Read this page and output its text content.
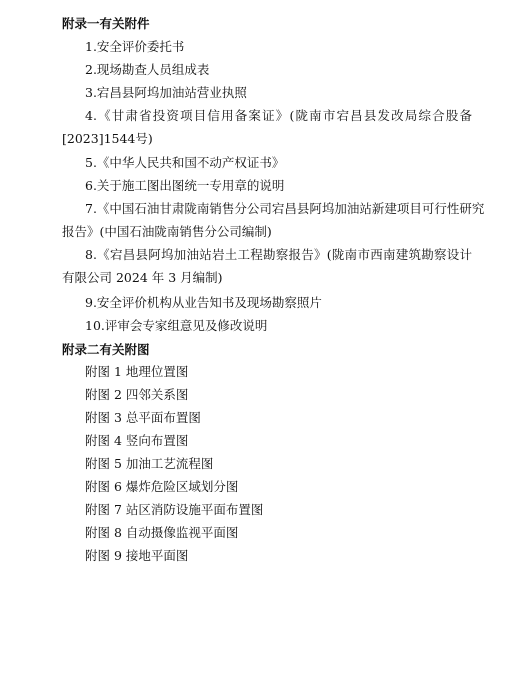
附录一有关附件
1.安全评价委托书
2.现场勘查人员组成表
3.宕昌县阿坞加油站营业执照
4.《甘肃省投资项目信用备案证》(陇南市宕昌县发改局综合股备
[2023]1544号)
5.《中华人民共和国不动产权证书》
6.关于施工图出图统一专用章的说明
7.《中国石油甘肃陇南销售分公司宕昌县阿坞加油站新建项目可行性研究
报告》(中国石油陇南销售分公司编制)
8.《宕昌县阿坞加油站岩土工程勘察报告》(陇南市西南建筑勘察设计
有限公司 2024 年 3 月编制)
9.安全评价机构从业告知书及现场勘察照片
10.评审会专家组意见及修改说明
附录二有关附图
附图 1 地理位置图
附图 2 四邻关系图
附图 3 总平面布置图
附图 4 竖向布置图
附图 5 加油工艺流程图
附图 6 爆炸危险区域划分图
附图 7 站区消防设施平面布置图
附图 8 自动摄像监视平面图
附图 9 接地平面图
